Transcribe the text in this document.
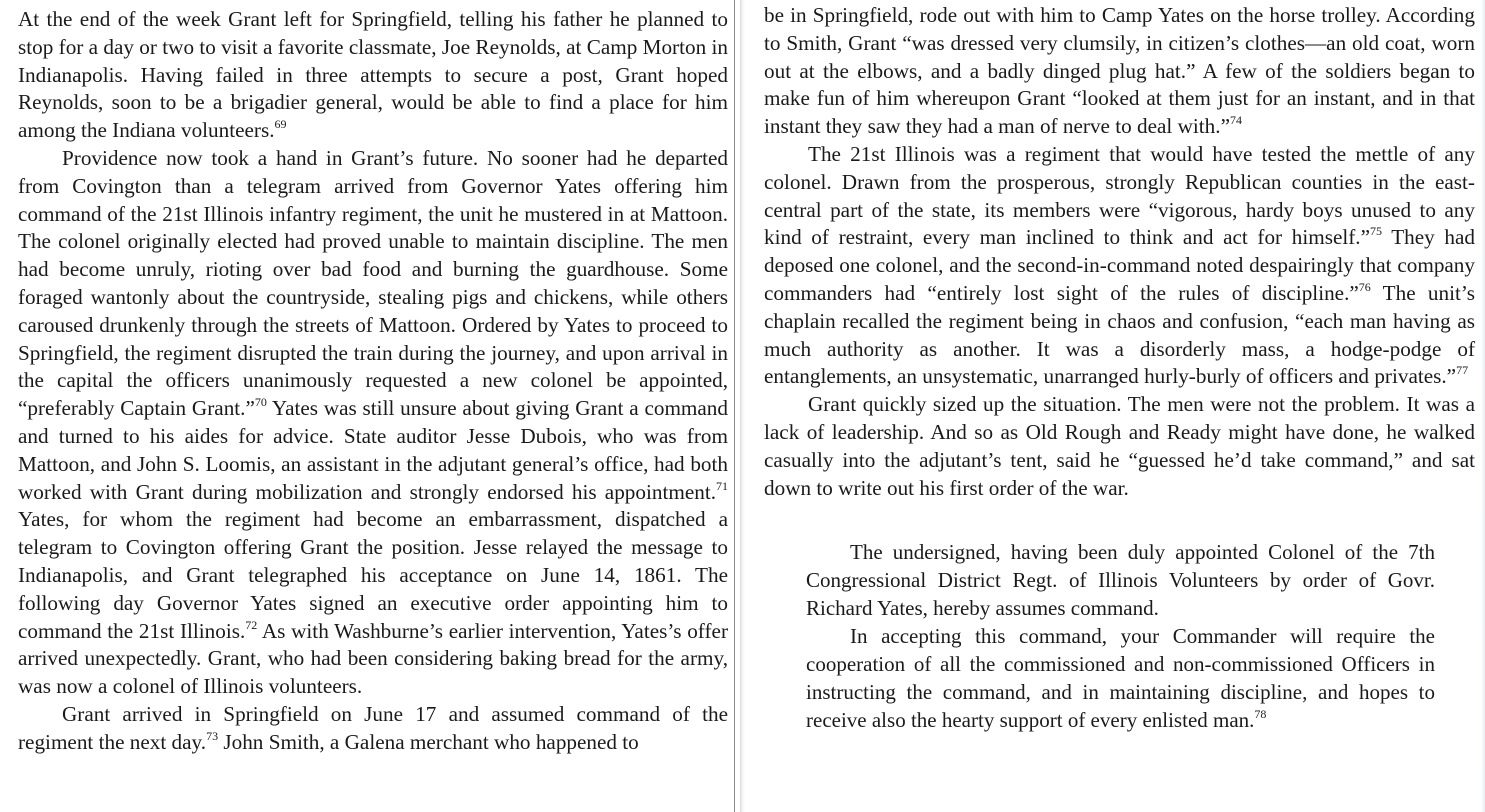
At the end of the week Grant left for Springfield, telling his father he planned to stop for a day or two to visit a favorite classmate, Joe Reynolds, at Camp Morton in Indianapolis. Having failed in three attempts to secure a post, Grant hoped Reynolds, soon to be a brigadier general, would be able to find a place for him among the Indiana volunteers.$^{69}$

Providence now took a hand in Grant’s future. No sooner had he departed from Covington than a telegram arrived from Governor Yates offering him command of the 21st Illinois infantry regiment, the unit he mustered in at Mattoon. The colonel originally elected had proved unable to maintain discipline. The men had become unruly, rioting over bad food and burning the guardhouse. Some foraged wantonly about the countryside, stealing pigs and chickens, while others caroused drunkenly through the streets of Mattoon. Ordered by Yates to proceed to Springfield, the regiment disrupted the train during the journey, and upon arrival in the capital the officers unanimously requested a new colonel be appointed, “preferably Captain Grant.”$^{70}$ Yates was still unsure about giving Grant a command and turned to his aides for advice. State auditor Jesse Dubois, who was from Mattoon, and John S. Loomis, an assistant in the adjutant general’s office, had both worked with Grant during mobilization and strongly endorsed his appointment.$^{71}$ Yates, for whom the regiment had become an embarrassment, dispatched a telegram to Covington offering Grant the position. Jesse relayed the message to Indianapolis, and Grant telegraphed his acceptance on June 14, 1861. The following day Governor Yates signed an executive order appointing him to command the 21st Illinois.$^{72}$ As with Washburne’s earlier intervention, Yates’s offer arrived unexpectedly. Grant, who had been considering baking bread for the army, was now a colonel of Illinois volunteers.

Grant arrived in Springfield on June 17 and assumed command of the regiment the next day.$^{73}$ John Smith, a Galena merchant who happened to

be in Springfield, rode out with him to Camp Yates on the horse trolley. According to Smith, Grant “was dressed very clumsily, in citizen’s clothes—an old coat, worn out at the elbows, and a badly dinged plug hat.” A few of the soldiers began to make fun of him whereupon Grant “looked at them just for an instant, and in that instant they saw they had a man of nerve to deal with.”$^{74}$

The 21st Illinois was a regiment that would have tested the mettle of any colonel. Drawn from the prosperous, strongly Republican counties in the east-central part of the state, its members were “vigorous, hardy boys unused to any kind of restraint, every man inclined to think and act for himself.”$^{75}$ They had deposed one colonel, and the second-in-command noted despairingly that company commanders had “entirely lost sight of the rules of discipline.”$^{76}$ The unit’s chaplain recalled the regiment being in chaos and confusion, “each man having as much authority as another. It was a disorderly mass, a hodge-podge of entanglements, an unsystematic, unarranged hurly-burly of officers and privates.”$^{77}$

Grant quickly sized up the situation. The men were not the problem. It was a lack of leadership. And so as Old Rough and Ready might have done, he walked casually into the adjutant’s tent, said he “guessed he’d take command,” and sat down to write out his first order of the war.

The undersigned, having been duly appointed Colonel of the 7th Congressional District Regt. of Illinois Volunteers by order of Govr. Richard Yates, hereby assumes command.

In accepting this command, your Commander will require the cooperation of all the commissioned and non-commissioned Officers in instructing the command, and in maintaining discipline, and hopes to receive also the hearty support of every enlisted man.$^{78}$
